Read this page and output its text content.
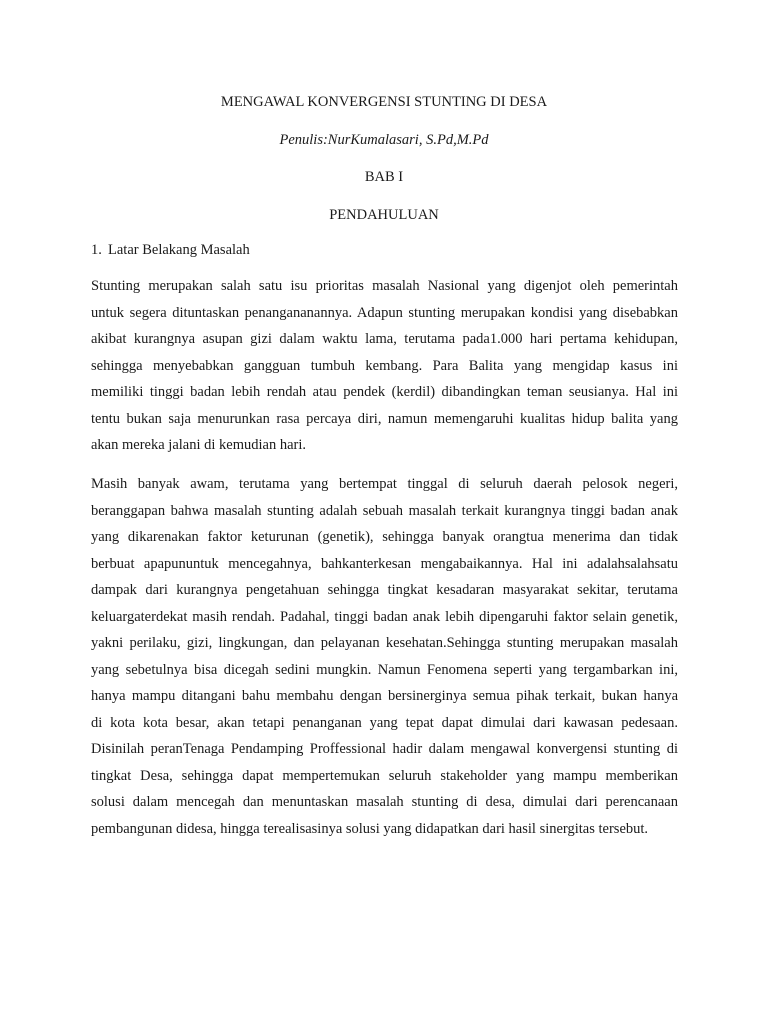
MENGAWAL KONVERGENSI STUNTING DI DESA
Penulis:NurKumalasari, S.Pd,M.Pd
BAB I
PENDAHULUAN
1. Latar Belakang Masalah
Stunting merupakan salah satu isu prioritas masalah Nasional yang digenjot oleh pemerintah
untuk segera dituntaskan penangananannya. Adapun stunting merupakan kondisi yang disebabkan
akibat kurangnya asupan gizi dalam waktu lama, terutama pada1.000 hari pertama kehidupan,
sehingga menyebabkan gangguan tumbuh kembang. Para Balita yang mengidap kasus ini
memiliki tinggi badan lebih rendah atau pendek (kerdil) dibandingkan teman seusianya. Hal ini
tentu bukan saja menurunkan rasa percaya diri, namun memengaruhi kualitas hidup balita yang
akan mereka jalani di kemudian hari.
Masih banyak awam, terutama yang bertempat tinggal di seluruh daerah pelosok negeri,
beranggapan bahwa masalah stunting adalah sebuah masalah terkait kurangnya tinggi badan anak
yang dikarenakan faktor keturunan (genetik), sehingga banyak orangtua menerima dan tidak
berbuat apapununtuk mencegahnya, bahkanterkesan mengabaikannya. Hal ini adalahsalahsatu
dampak dari kurangnya pengetahuan sehingga tingkat kesadaran masyarakat sekitar, terutama
keluargaterdekat masih rendah. Padahal, tinggi badan anak lebih dipengaruhi faktor selain genetik,
yakni perilaku, gizi, lingkungan, dan pelayanan kesehatan.Sehingga stunting merupakan masalah
yang sebetulnya bisa dicegah sedini mungkin. Namun Fenomena seperti yang tergambarkan ini,
hanya mampu ditangani bahu membahu dengan bersinerginya semua pihak terkait, bukan hanya
di kota kota besar, akan tetapi penanganan yang tepat dapat dimulai dari kawasan pedesaan.
Disinilah peranTenaga Pendamping Proffessional hadir dalam mengawal konvergensi stunting di
tingkat Desa, sehingga dapat mempertemukan seluruh stakeholder yang mampu memberikan
solusi dalam mencegah dan menuntaskan masalah stunting di desa, dimulai dari perencanaan
pembangunan didesa, hingga terealisasinya solusi yang didapatkan dari hasil sinergitas tersebut.
